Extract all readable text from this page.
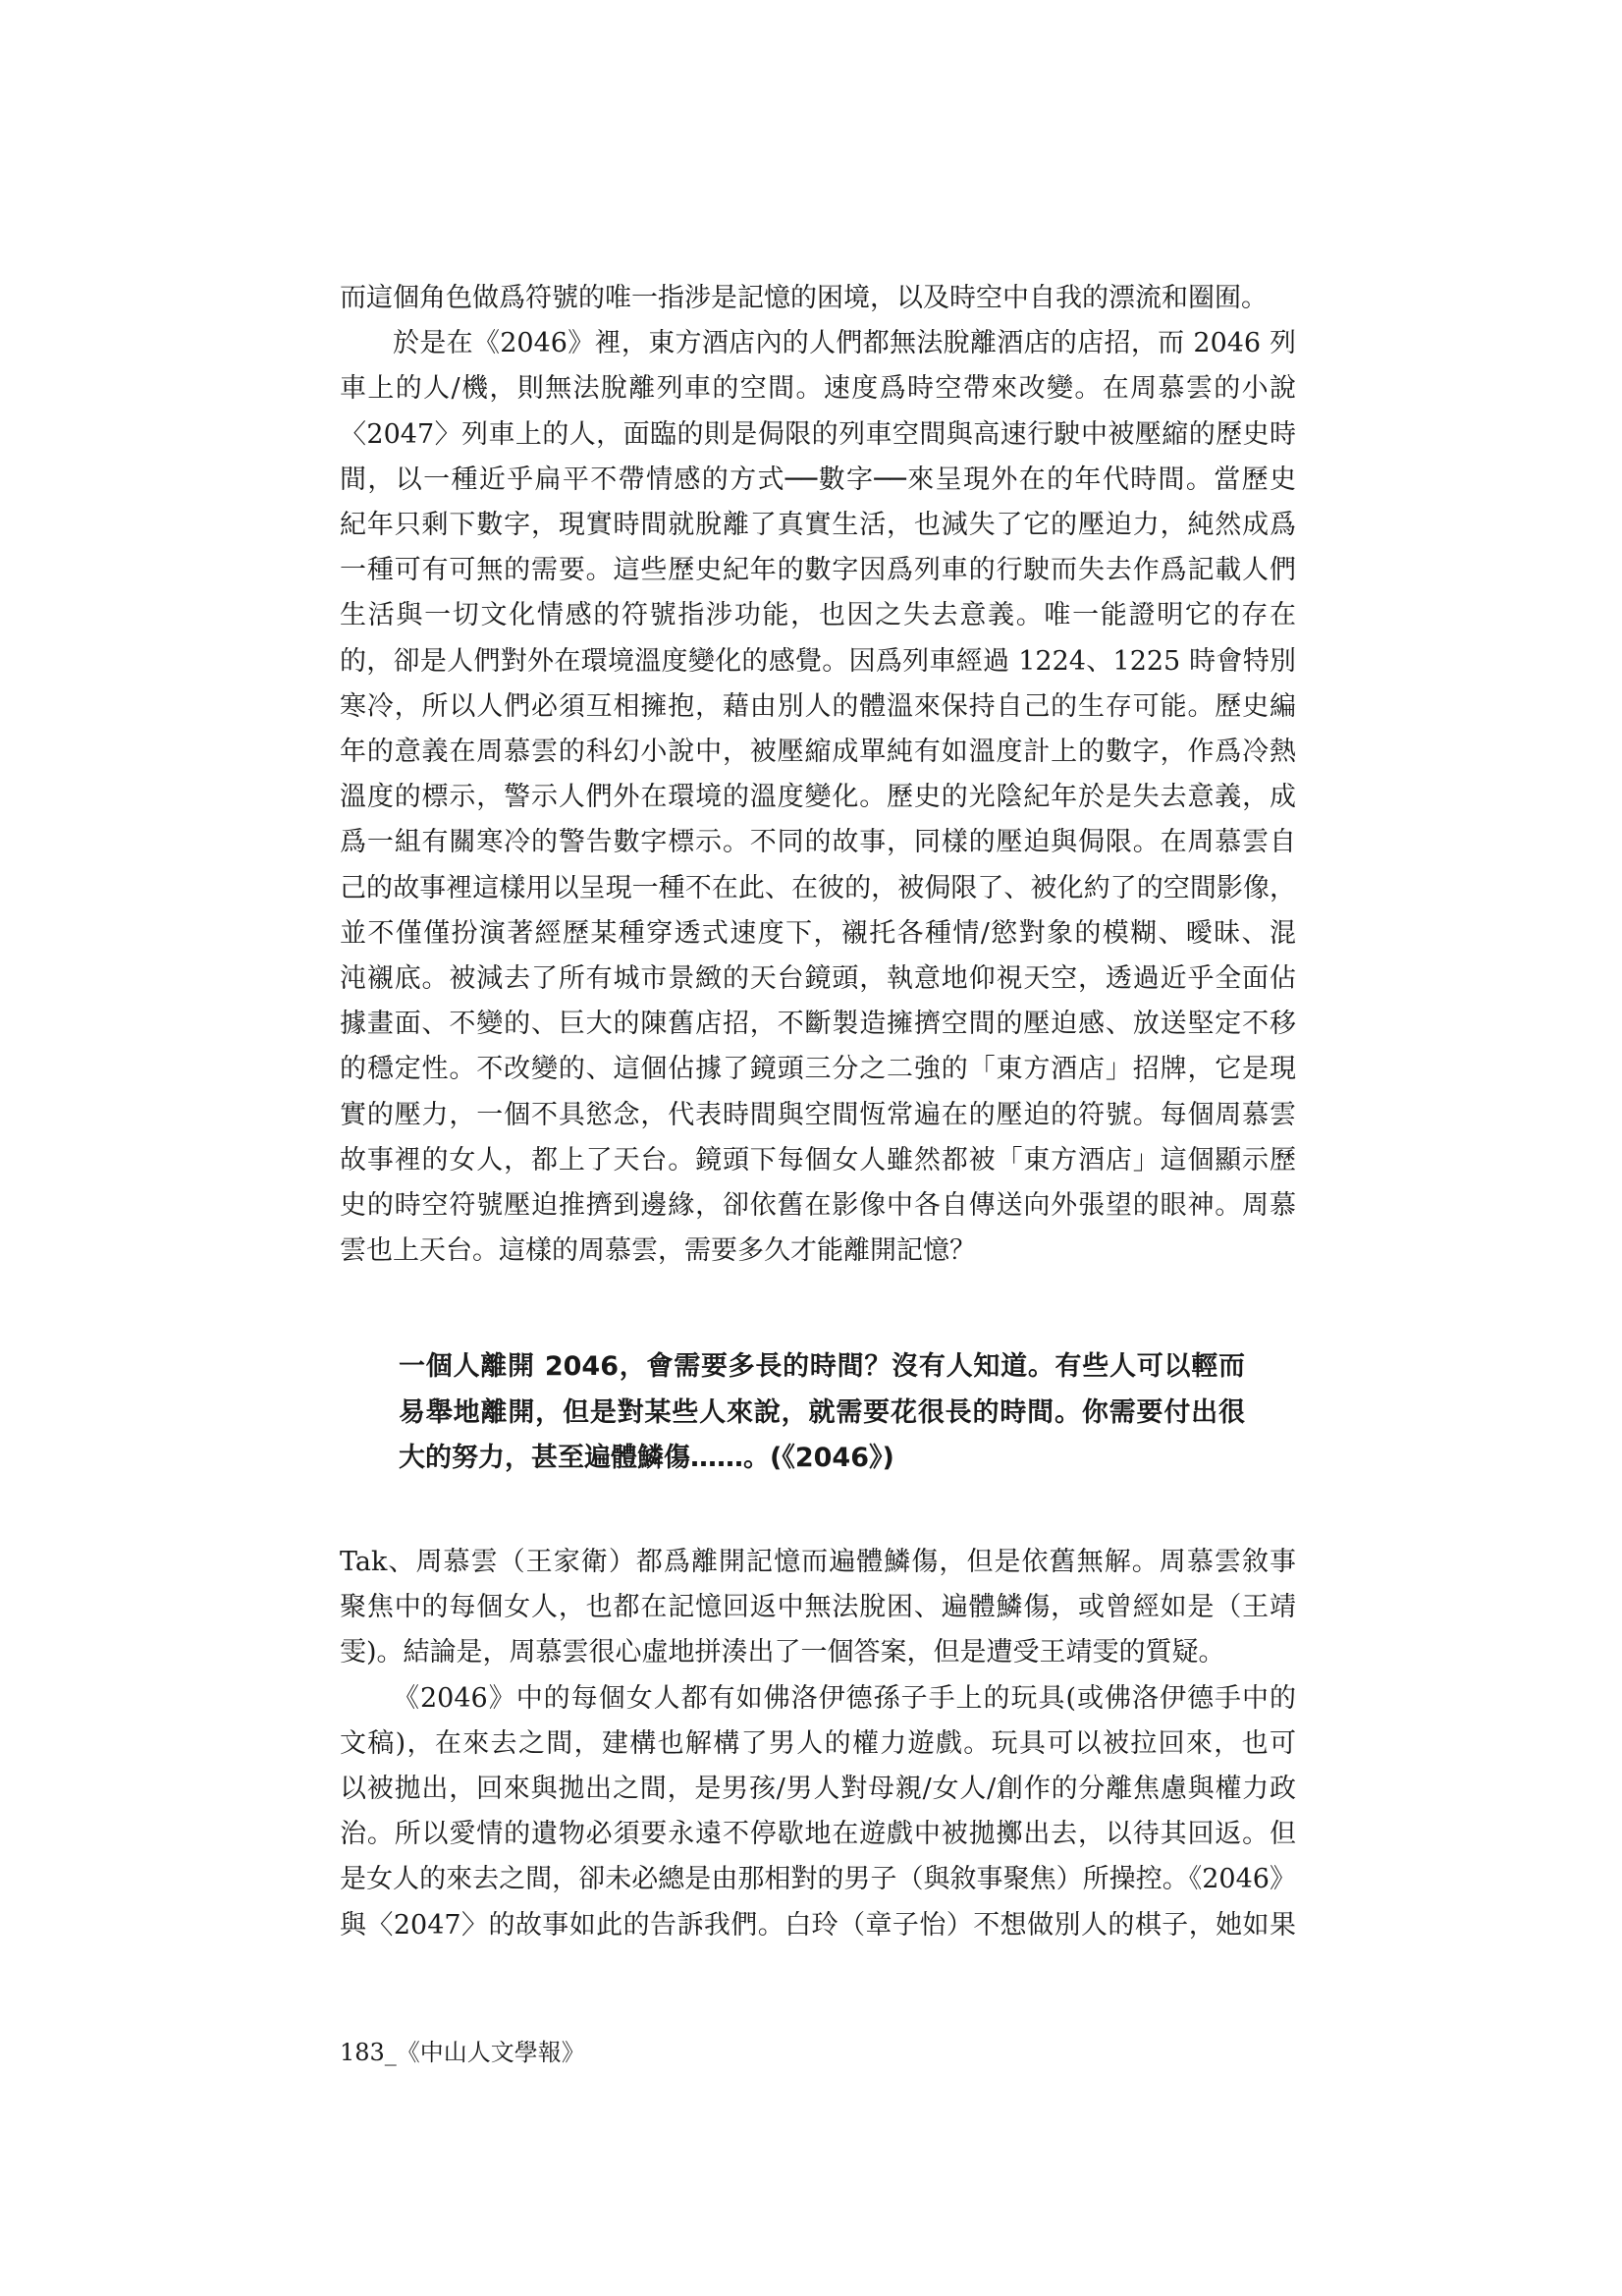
而這個角色做爲符號的唯一指涉是記憶的困境，以及時空中自我的漂流和圈囿。

於是在《2046》裡，東方酒店內的人們都無法脫離酒店的店招，而 2046 列

車上的人/機，則無法脫離列車的空間。速度爲時空帶來改變。在周慕雲的小說

〈2047〉列車上的人，面臨的則是侷限的列車空間與高速行駛中被壓縮的歷史時

間，以一種近乎扁平不帶情感的方式──數字──來呈現外在的年代時間。當歷史

紀年只剩下數字，現實時間就脫離了真實生活，也減失了它的壓迫力，純然成爲

一種可有可無的需要。這些歷史紀年的數字因爲列車的行駛而失去作爲記載人們

生活與一切文化情感的符號指涉功能，也因之失去意義。唯一能證明它的存在

的，卻是人們對外在環境溫度變化的感覺。因爲列車經過 1224、1225 時會特別

寒冷，所以人們必須互相擁抱，藉由別人的體溫來保持自己的生存可能。歷史編

年的意義在周慕雲的科幻小說中，被壓縮成單純有如溫度計上的數字，作爲冷熱

溫度的標示，警示人們外在環境的溫度變化。歷史的光陰紀年於是失去意義，成

爲一組有關寒冷的警告數字標示。不同的故事，同樣的壓迫與侷限。在周慕雲自

己的故事裡這樣用以呈現一種不在此、在彼的，被侷限了、被化約了的空間影像，

並不僅僅扮演著經歷某種穿透式速度下，襯托各種情/慾對象的模糊、曖昧、混

沌襯底。被減去了所有城市景緻的天台鏡頭，執意地仰視天空，透過近乎全面佔

據畫面、不變的、巨大的陳舊店招，不斷製造擁擠空間的壓迫感、放送堅定不移

的穩定性。不改變的、這個佔據了鏡頭三分之二強的「東方酒店」招牌，它是現

實的壓力，一個不具慾念，代表時間與空間恆常遍在的壓迫的符號。每個周慕雲

故事裡的女人，都上了天台。鏡頭下每個女人雖然都被「東方酒店」這個顯示歷

史的時空符號壓迫推擠到邊緣，卻依舊在影像中各自傳送向外張望的眼神。周慕

雲也上天台。這樣的周慕雲，需要多久才能離開記憶？

一個人離開 2046，會需要多長的時間？沒有人知道。有些人可以輕而

易舉地離開，但是對某些人來說，就需要花很長的時間。你需要付出很

大的努力，甚至遍體鱗傷……。(《2046》)

Tak、周慕雲（王家衛）都爲離開記憶而遍體鱗傷，但是依舊無解。周慕雲敘事

聚焦中的每個女人，也都在記憶回返中無法脫困、遍體鱗傷，或曾經如是（王靖

雯)。結論是，周慕雲很心虛地拼湊出了一個答案，但是遭受王靖雯的質疑。

《2046》中的每個女人都有如佛洛伊德孫子手上的玩具(或佛洛伊德手中的

文稿)，在來去之間，建構也解構了男人的權力遊戲。玩具可以被拉回來，也可

以被拋出，回來與拋出之間，是男孩/男人對母親/女人/創作的分離焦慮與權力政

治。所以愛情的遺物必須要永遠不停歇地在遊戲中被拋擲出去，以待其回返。但

是女人的來去之間，卻未必總是由那相對的男子（與敘事聚焦）所操控。《2046》

與〈2047〉的故事如此的告訴我們。白玲（章子怡）不想做別人的棋子，她如果

183_《中山人文學報》
